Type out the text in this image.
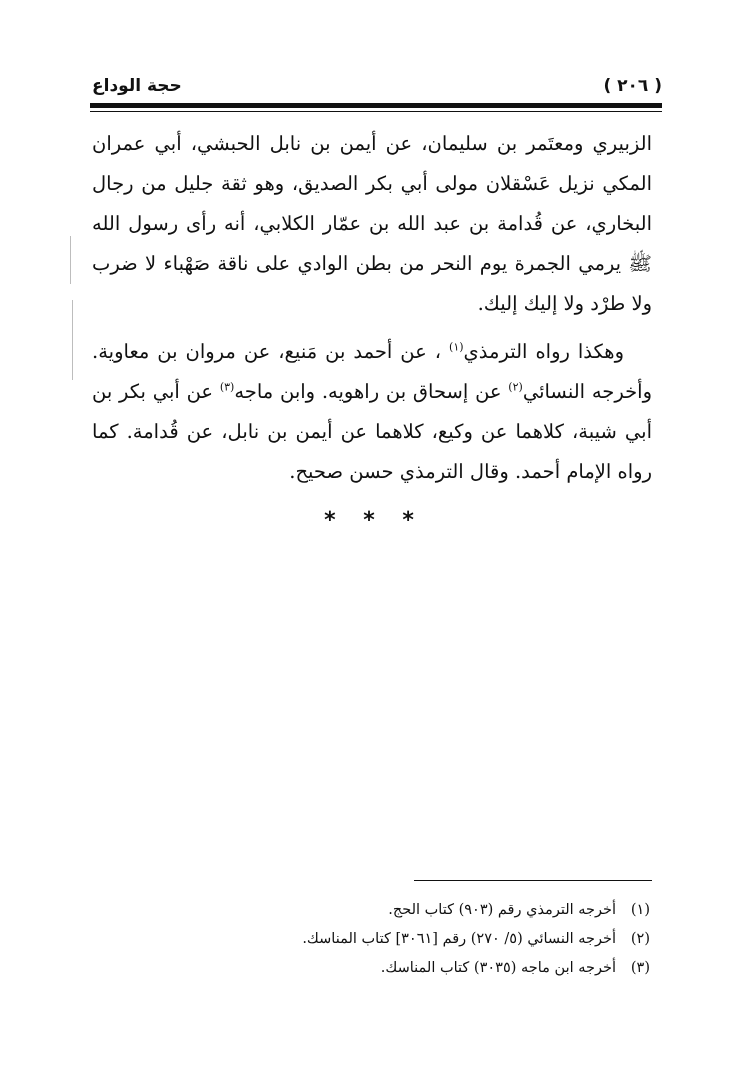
( ٢٠٦ )
حجة الوداع

الزبيري ومعتَمر بن سليمان، عن أيمن بن نابل الحبشي، أبي عمران المكي نزيل عَسْقلان مولى أبي بكر الصديق، وهو ثقة جليل من رجال البخاري، عن قُدامة بن عبد الله بن عمّار الكلابي، أنه رأى رسول الله ﷺ يرمي الجمرة يوم النحر من بطن الوادي على ناقة صَهْباء لا ضرب ولا طرْد ولا إليك إليك.

وهكذا رواه الترمذي$^{(١)}$ ، عن أحمد بن مَنيع، عن مروان بن معاوية. وأخرجه النسائي$^{(٢)}$ عن إسحاق بن راهويه. وابن ماجه$^{(٣)}$ عن أبي بكر بن أبي شيبة، كلاهما عن وكيع، كلاهما عن أيمن بن نابل، عن قُدامة. كما رواه الإمام أحمد. وقال الترمذي حسن صحيح.

* * *

(١)أخرجه الترمذي رقم (٩٠٣) كتاب الحج.

(٢)أخرجه النسائي (٥/ ٢٧٠) رقم [٣٠٦١] كتاب المناسك.

(٣)أخرجه ابن ماجه (٣٠٣٥) كتاب المناسك.
